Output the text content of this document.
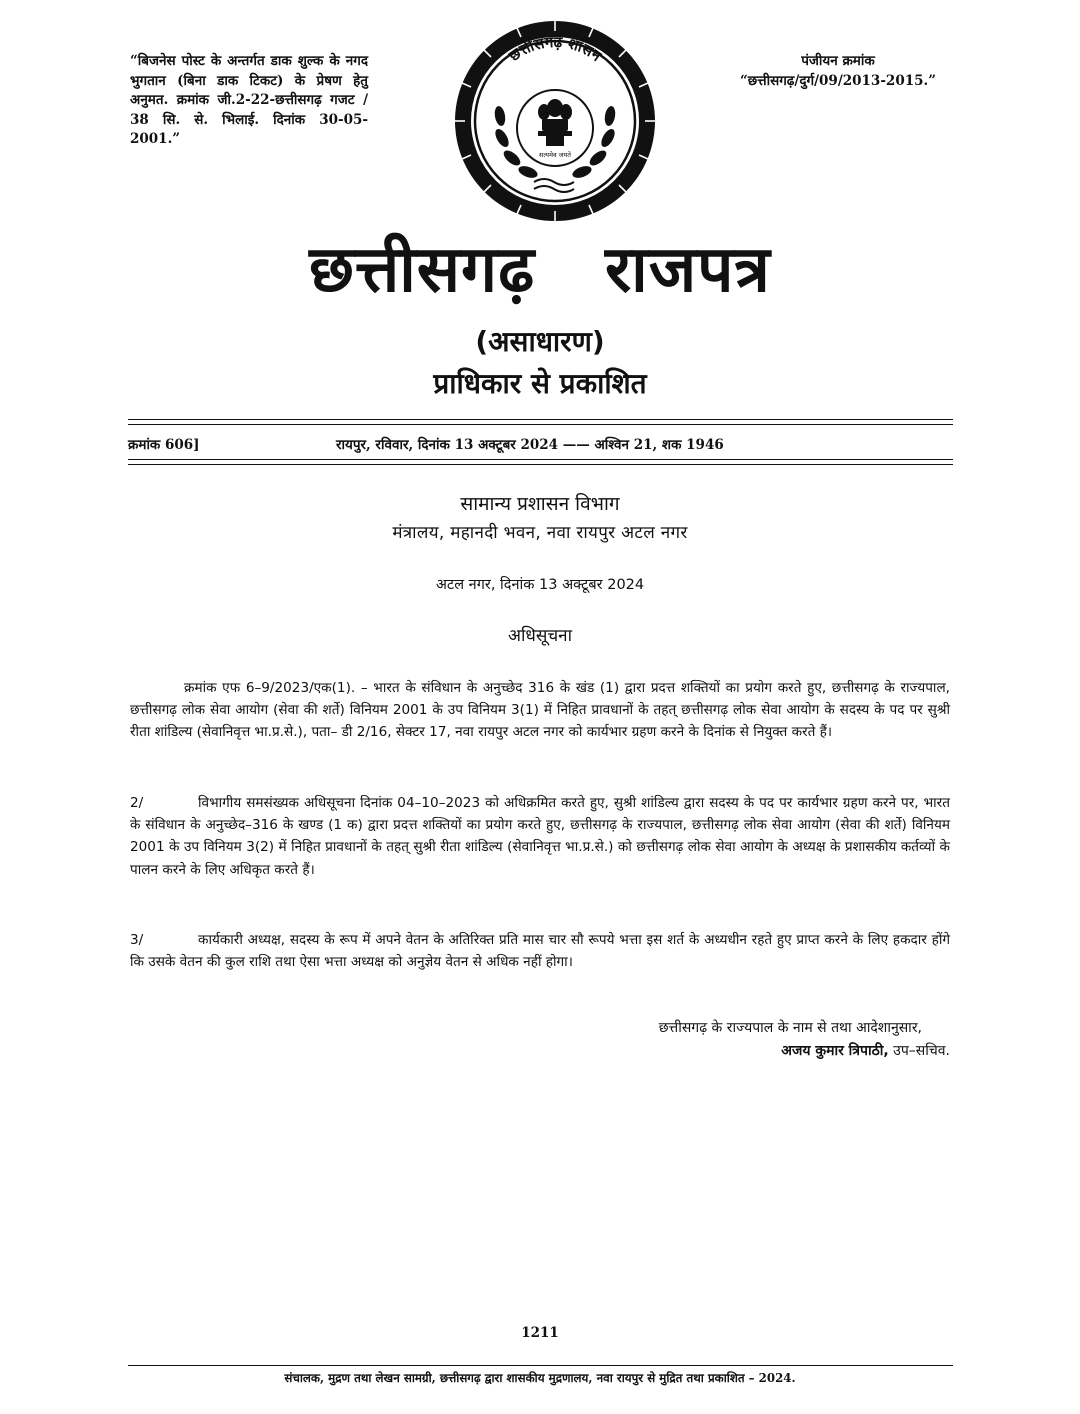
“बिजनेस पोस्ट के अन्तर्गत डाक शुल्क के नगद भुगतान (बिना डाक टिकट) के प्रेषण हेतु अनुमत. क्रमांक जी.2-22-छत्तीसगढ़ गजट / 38 सि. से. भिलाई. दिनांक 30-05-2001.”
पंजीयन क्रमांक
“छत्तीसगढ़/दुर्ग/09/2013-2015.”
छत्तीसगढ़ शासन
सत्यमेव जयते
छत्तीसगढ़   राजपत्र
(असाधारण)
प्राधिकार से प्रकाशित
क्रमांक 606]	रायपुर, रविवार, दिनांक 13 अक्टूबर 2024 —— अश्विन 21, शक 1946
सामान्य प्रशासन विभाग
मंत्रालय, महानदी भवन, नवा रायपुर अटल नगर
अटल नगर, दिनांक 13 अक्टूबर 2024
अधिसूचना
क्रमांक एफ 6–9/2023/एक(1). – भारत के संविधान के अनुच्छेद 316 के खंड (1) द्वारा प्रदत्त शक्तियों का प्रयोग करते हुए, छत्तीसगढ़ के राज्यपाल, छत्तीसगढ़ लोक सेवा आयोग (सेवा की शर्ते) विनियम 2001 के उप विनियम 3(1) में निहित प्रावधानों के तहत् छत्तीसगढ़ लोक सेवा आयोग के सदस्य के पद पर सुश्री रीता शांडिल्य (सेवानिवृत्त भा.प्र.से.), पता– डी 2/16, सेक्टर 17, नवा रायपुर अटल नगर को कार्यभार ग्रहण करने के दिनांक से नियुक्त करते हैं।
2/	विभागीय समसंख्यक अधिसूचना दिनांक 04–10–2023 को अधिक्रमित करते हुए, सुश्री शांडिल्य द्वारा सदस्य के पद पर कार्यभार ग्रहण करने पर, भारत के संविधान के अनुच्छेद–316 के खण्ड (1 क) द्वारा प्रदत्त शक्तियों का प्रयोग करते हुए, छत्तीसगढ़ के राज्यपाल, छत्तीसगढ़ लोक सेवा आयोग (सेवा की शर्ते) विनियम 2001 के उप विनियम 3(2) में निहित प्रावधानों के तहत् सुश्री रीता शांडिल्य (सेवानिवृत्त भा.प्र.से.) को छत्तीसगढ़ लोक सेवा आयोग के अध्यक्ष के प्रशासकीय कर्तव्यों के पालन करने के लिए अधिकृत करते हैं।
3/	कार्यकारी अध्यक्ष, सदस्य के रूप में अपने वेतन के अतिरिक्त प्रति मास चार सौ रूपये भत्ता इस शर्त के अध्यधीन रहते हुए प्राप्त करने के लिए हकदार होंगे कि उसके वेतन की कुल राशि तथा ऐसा भत्ता अध्यक्ष को अनुज्ञेय वेतन से अधिक नहीं होगा।
छत्तीसगढ़ के राज्यपाल के नाम से तथा आदेशानुसार,
अजय कुमार त्रिपाठी, उप–सचिव.
1211
संचालक, मुद्रण तथा लेखन सामग्री, छत्तीसगढ़ द्वारा शासकीय मुद्रणालय, नवा रायपुर से मुद्रित तथा प्रकाशित – 2024.
